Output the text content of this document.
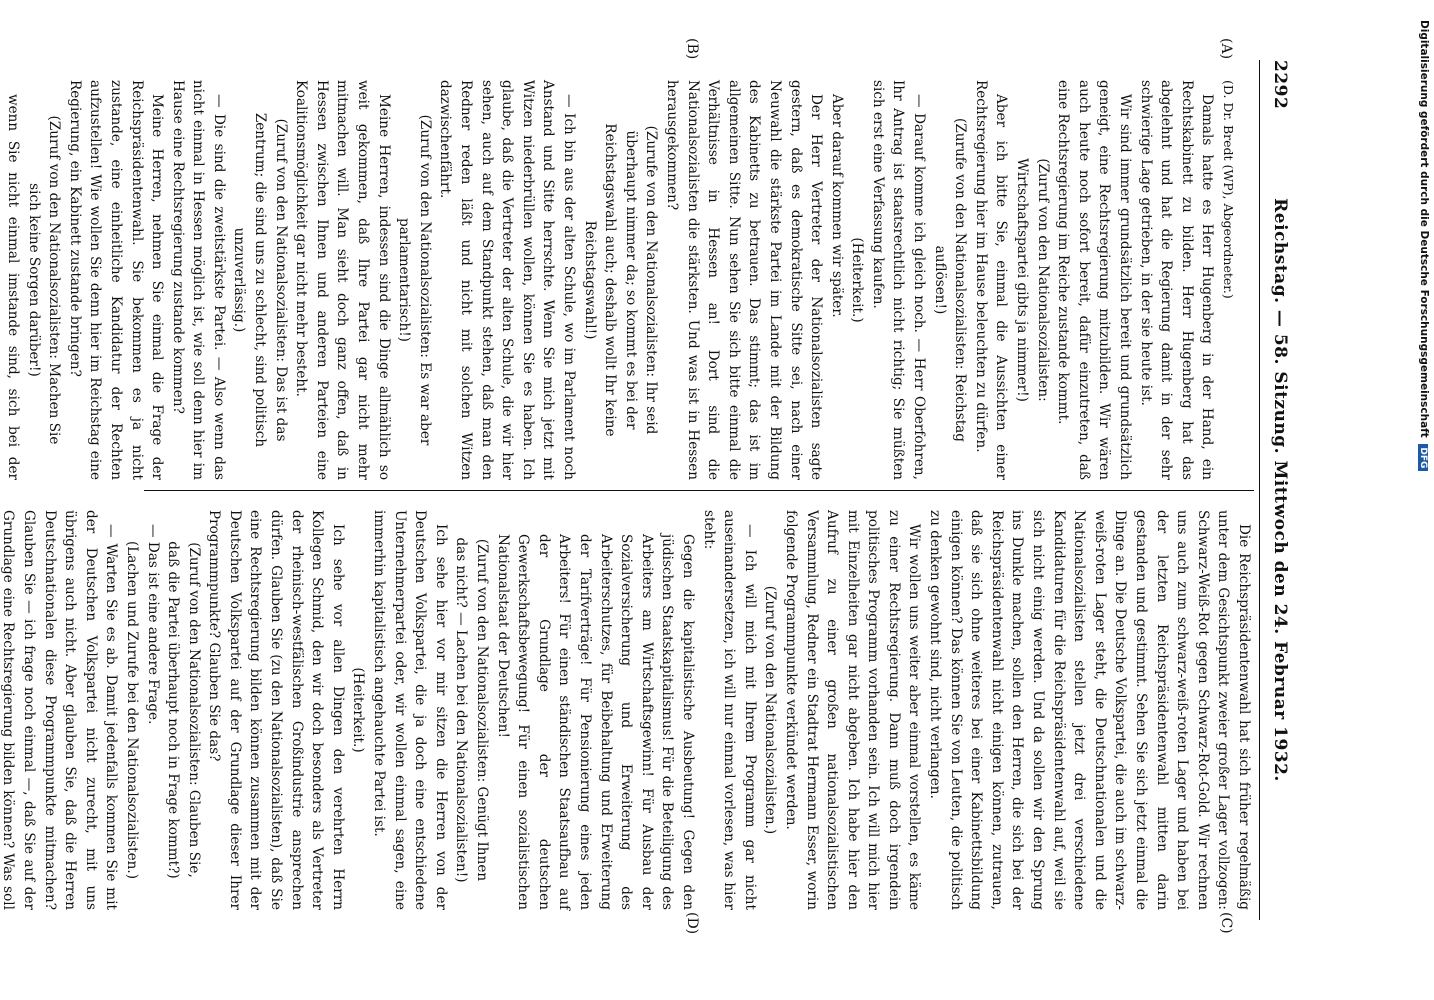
2292
Reichstag. — 58. Sitzung. Mittwoch den 24. Februar 1932.
(A)
(B)
(C)
(D)

(D. Dr. Bredt (WP), Abgeordneter.)

Damals hatte es Herr Hugenberg in der Hand, ein Rechtskabinett zu bilden. Herr Hugenberg hat das abgelehnt und hat die Regierung damit in der sehr schwierige Lage getrieben, in der sie heute ist.

Wir sind immer grundsätzlich bereit und grundsätzlich geneigt, eine Rechtsregierung mitzubilden. Wir wären auch heute noch sofort bereit, dafür einzutreten, daß eine Rechtsregierung im Reiche zustande kommt.

(Zuruf von den Nationalsozialisten: Wirtschaftspartei gibts ja nimmer!)

Aber ich bitte Sie, einmal die Aussichten einer Rechtsregierung hier im Hause beleuchten zu dürfen.

(Zurufe von den Nationalsozialisten: Reichstag auflösen!)

— Darauf komme ich gleich noch. — Herr Oberfohren, Ihr Antrag ist staatsrechtlich nicht richtig; Sie müßten sich erst eine Verfassung kaufen.

(Heiterkeit.)

Aber darauf kommen wir später.

Der Herr Vertreter der Nationalsozialisten sagte gestern, daß es demokratische Sitte sei, nach einer Neuwahl die stärkste Partei im Lande mit der Bildung des Kabinetts zu betrauen. Das stimmt; das ist im allgemeinen Sitte. Nun sehen Sie sich bitte einmal die Verhältnisse in Hessen an! Dort sind die Nationalsozialisten die stärksten. Und was ist in Hessen herausgekommen?

(Zurufe von den Nationalsozialisten: Ihr seid überhaupt nimmer da; so kommt es bei der Reichstagswahl auch; deshalb wollt Ihr keine Reichstagswahl!)

— Ich bin aus der alten Schule, wo im Parlament noch Anstand und Sitte herrschte. Wenn Sie mich jetzt mit Witzen niederbrüllen wollen, können Sie es haben. Ich glaube, daß die Vertreter der alten Schule, die wir hier sehen, auch auf dem Standpunkt stehen, daß man den Redner reden läßt und nicht mit solchen Witzen dazwischenfährt.

(Zuruf von den Nationalsozialisten: Es war aber parlamentarisch!)

Meine Herren, indessen sind die Dinge allmählich so weit gekommen, daß Ihre Partei gar nicht mehr mitmachen will. Man sieht doch ganz offen, daß in Hessen zwischen Ihnen und anderen Parteien eine Koalitionsmöglichkeit gar nicht mehr besteht.

(Zuruf von den Nationalsozialisten: Das ist das Zentrum; die sind uns zu schlecht, sind politisch unzuverlässig.)

— Die sind die zweitstärkste Partei. — Also wenn das nicht einmal in Hessen möglich ist, wie soll denn hier im Hause eine Rechtsregierung zustande kommen?

Meine Herren, nehmen Sie einmal die Frage der Reichspräsidentenwahl. Sie bekommen es ja nicht zustande, eine einheitliche Kandidatur der Rechten aufzustellen! Wie wollen Sie denn hier im Reichstag eine Regierung, ein Kabinett zustande bringen?

(Zuruf von den Nationalsozialisten: Machen Sie sich keine Sorgen darüber!)

wenn Sie nicht einmal imstande sind, sich bei der

Die Reichspräsidentenwahl hat sich früher regelmäßig unter dem Gesichtspunkt zweier großer Lager vollzogen: Schwarz-Weiß-Rot gegen Schwarz-Rot-Gold. Wir rechnen uns auch zum schwarz-weiß-roten Lager und haben bei der letzten Reichspräsidentenwahl mitten darin gestanden und gestimmt. Sehen Sie sich jetzt einmal die Dinge an. Die Deutsche Volkspartei, die auch im schwarz-weiß-roten Lager steht, die Deutschnationalen und die Nationalsozialisten stellen jetzt drei verschiedene Kandidaturen für die Reichspräsidentenwahl auf, weil sie sich nicht einig werden. Und da sollen wir den Sprung ins Dunkle machen, sollen den Herren, die sich bei der Reichspräsidentenwahl nicht einigen können, zutrauen, daß sie sich ohne weiteres bei einer Kabinettsbildung einigen können? Das können Sie von Leuten, die politisch zu denken gewohnt sind, nicht verlangen.

Wir wollen uns weiter aber einmal vorstellen, es käme zu einer Rechtsregierung. Dann muß doch irgendein politisches Programm vorhanden sein. Ich will mich hier mit Einzelheiten gar nicht abgeben. Ich habe hier den Aufruf zu einer großen nationalsozialistischen Versammlung, Redner ein Stadtrat Hermann Esser, worin folgende Programmpunkte verkündet werden.

(Zuruf von den Nationalsozialisten.)

— Ich will mich mit Ihrem Programm gar nicht auseinandersetzen, ich will nur einmal vorlesen, was hier steht:

Gegen die kapitalistische Ausbeutung! Gegen den jüdischen Staatskapitalismus! Für die Beteiligung des Arbeiters am Wirtschaftsgewinn! Für Ausbau der Sozialversicherung und Erweiterung des Arbeiterschutzes, für Beibehaltung und Erweiterung der Tarifverträge! Für Pensionierung eines jeden Arbeiters! Für einen ständischen Staatsaufbau auf der Grundlage der deutschen Gewerkschaftsbewegung! Für einen sozialistischen Nationalstaat der Deutschen!

(Zuruf von den Nationalsozialisten: Genügt Ihnen das nicht? — Lachen bei den Nationalsozialisten!)

Ich sehe hier vor mir sitzen die Herren von der Deutschen Volkspartei, die ja doch eine entschiedene Unternehmerpartei oder, wir wollen einmal sagen, eine immerhin kapitalistisch angehauchte Partei ist.

(Heiterkeit.)

Ich sehe vor allen Dingen den verehrten Herrn Kollegen Schmid, den wir doch besonders als Vertreter der rheinisch-westfälischen Großindustrie ansprechen dürfen. Glauben Sie (zu den Nationalsozialisten), daß Sie eine Rechtsregierung bilden können zusammen mit der Deutschen Volkspartei auf der Grundlage dieser Ihrer Programmpunkte? Glauben Sie das?

(Zuruf von den Nationalsozialisten: Glauben Sie, daß die Partei überhaupt noch in Frage kommt?)

— Das ist eine andere Frage.

(Lachen und Zurufe bei den Nationalsozialisten.)

— Warten Sie es ab. Damit jedenfalls kommen Sie mit der Deutschen Volkspartei nicht zurecht, mit uns übrigens auch nicht. Aber glauben Sie, daß die Herren Deutschnationalen diese Programmpunkte mitmachen? Glauben Sie — ich frage noch einmal —, daß Sie auf der Grundlage eine Rechtsregierung bilden können? Was soll

Digitalisierung gefördert durch die Deutsche Forschungsgemeinschaft DFG
